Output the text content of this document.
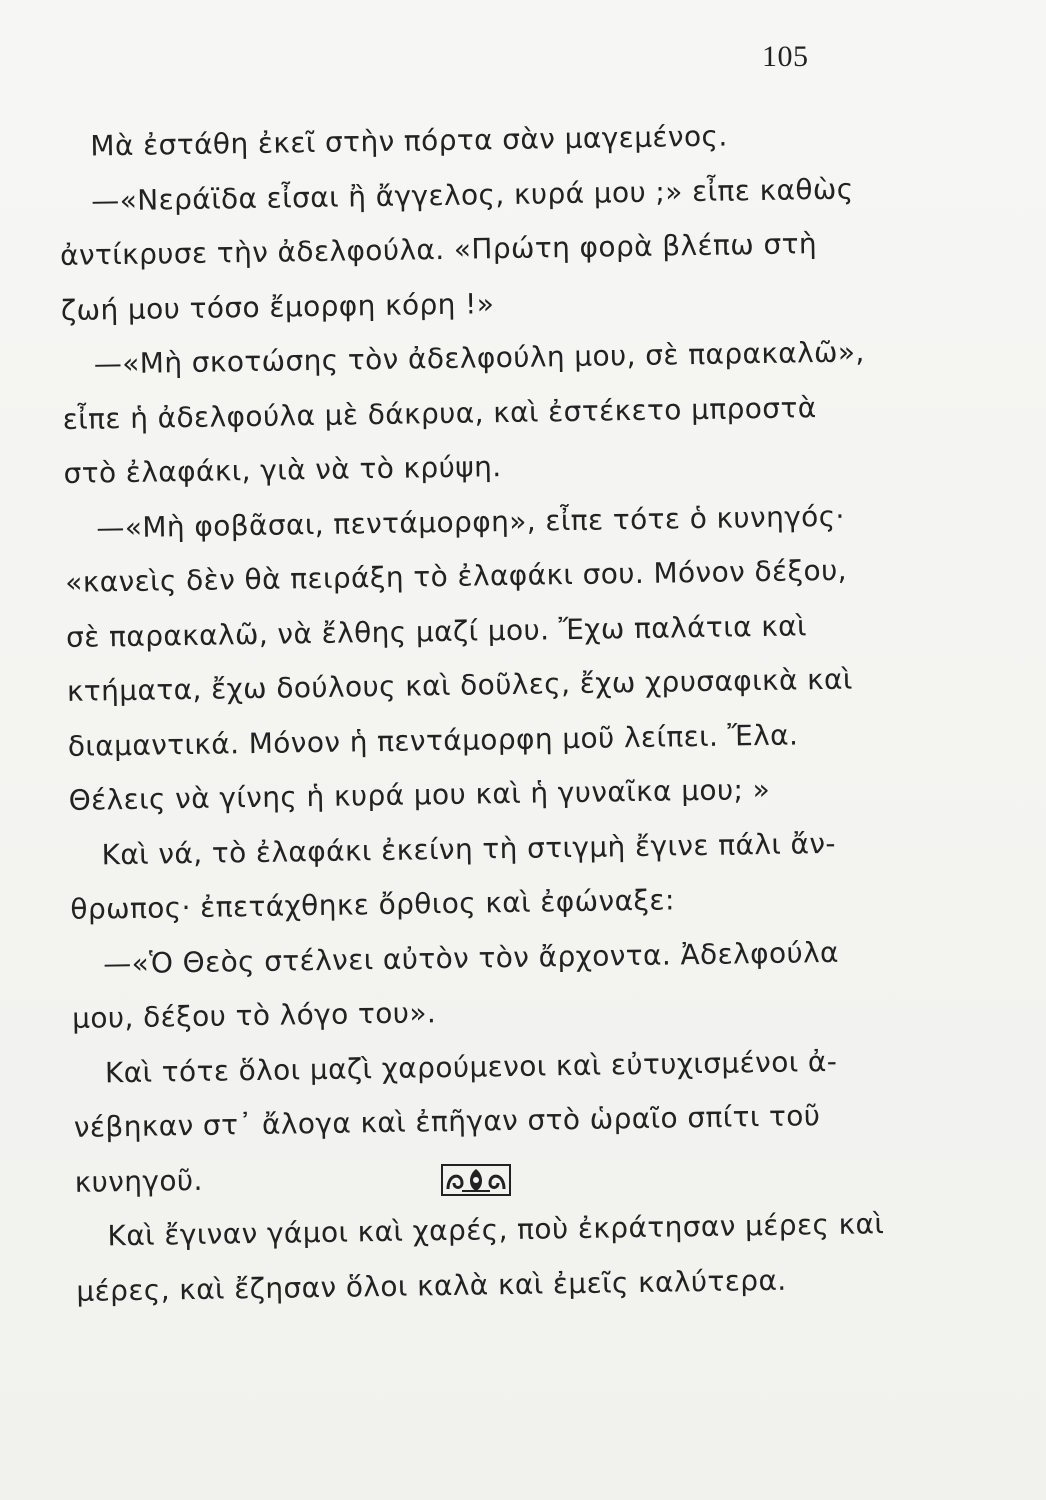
105
Μὰ ἐστάθη ἐκεῖ στὴν πόρτα σὰν μαγεμένος.
—«Νεράϊδα εἶσαι ἢ ἄγγελος, κυρά μου ;» εἶπε καθὼς
ἀντίκρυσε τὴν ἀδελφούλα. «Πρώτη φορὰ βλέπω στὴ
ζωή μου τόσο ἔμορφη κόρη !»
—«Μὴ σκοτώσης τὸν ἀδελφούλη μου, σὲ παρακαλῶ»,
εἶπε ἡ ἀδελφούλα μὲ δάκρυα, καὶ ἐστέκετο μπροστὰ
στὸ ἐλαφάκι, γιὰ νὰ τὸ κρύψη.
—«Μὴ φοβᾶσαι, πεντάμορφη», εἶπε τότε ὁ κυνηγός·
«κανεὶς δὲν θὰ πειράξη τὸ ἐλαφάκι σου. Μόνον δέξου,
σὲ παρακαλῶ, νὰ ἔλθης μαζί μου. Ἔχω παλάτια καὶ
κτήματα, ἔχω δούλους καὶ δοῦλες, ἔχω χρυσαφικὰ καὶ
διαμαντικά. Μόνον ἡ πεντάμορφη μοῦ λείπει. Ἔλα.
Θέλεις νὰ γίνης ἡ κυρά μου καὶ ἡ γυναῖκα μου; »
Καὶ νά, τὸ ἐλαφάκι ἐκείνη τὴ στιγμὴ ἔγινε πάλι ἄν-
θρωπος· ἐπετάχθηκε ὄρθιος καὶ ἐφώναξε:
—«Ὁ Θεὸς στέλνει αὐτὸν τὸν ἄρχοντα. Ἀδελφούλα
μου, δέξου τὸ λόγο του».
Καὶ τότε ὅλοι μαζὶ χαρούμενοι καὶ εὐτυχισμένοι ἀ-
νέβηκαν στ᾽ ἄλογα καὶ ἐπῆγαν στὸ ὡραῖο σπίτι τοῦ
κυνηγοῦ.
Καὶ ἔγιναν γάμοι καὶ χαρές, ποὺ ἐκράτησαν μέρες καὶ
μέρες, καὶ ἔζησαν ὅλοι καλὰ καὶ ἐμεῖς καλύτερα.
